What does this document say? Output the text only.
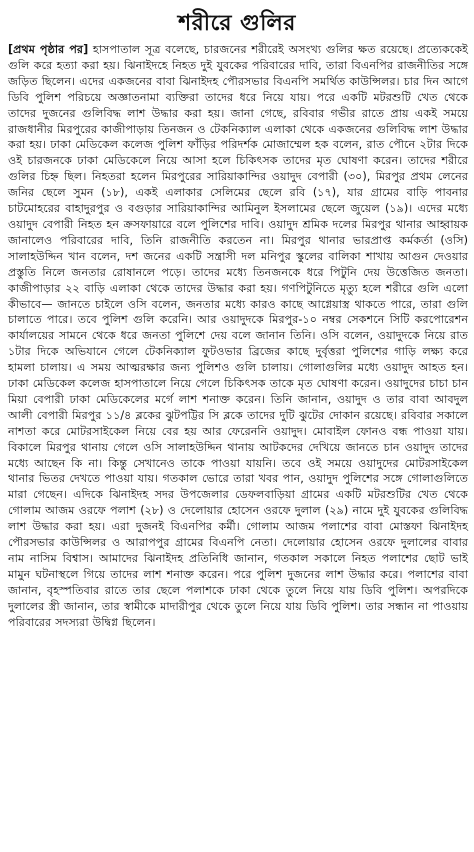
শরীরে গুলির
[প্রথম পৃষ্ঠার পর] হাসপাতাল সূত্র বলেছে, চারজনের শরীরেই অসংখ্য গুলির ক্ষত রয়েছে। প্রত্যেককেই গুলি করে হত্যা করা হয়। ঝিনাইদহে নিহত দুই যুবকের পরিবারের দাবি, তারা বিএনপির রাজনীতির সঙ্গে জড়িত ছিলেন। এদের একজনের বাবা ঝিনাইদহ পৌরসভার বিএনপি সমর্থিত কাউন্সিলর। চার দিন আগে ডিবি পুলিশ পরিচয়ে অজ্ঞাতনামা ব্যক্তিরা তাদের ধরে নিয়ে যায়। পরে একটি মটরশুটি খেত থেকে তাদের দুজনের গুলিবিদ্ধ লাশ উদ্ধার করা হয়। জানা গেছে, রবিবার গভীর রাতে প্রায় একই সময়ে রাজধানীর মিরপুরের কাজীপাড়ায় তিনজন ও টেকনিক্যাল এলাকা থেকে একজনের গুলিবিদ্ধ লাশ উদ্ধার করা হয়। ঢাকা মেডিকেল কলেজ পুলিশ ফাঁড়ির পরিদর্শক মোজাম্মেল হক বলেন, রাত পৌনে ২টার দিকে ওই চারজনকে ঢাকা মেডিকেলে নিয়ে আসা হলে চিকিৎসক তাদের মৃত ঘোষণা করেন। তাদের শরীরে গুলির চিহ্ন ছিল। নিহতরা হলেন মিরপুরের সারিয়াকান্দির ওয়াদুদ বেপারী (৩০), মিরপুর প্রথম লেনের জনির ছেলে সুমন (১৮), একই এলাকার সেলিমের ছেলে রবি (১৭), যার গ্রামের বাড়ি পাবনার চাটমোহরের বাহাদুরপুর ও বগুড়ার সারিয়াকান্দির আমিনুল ইসলামের ছেলে জুয়েল (১৯)। এদের মধ্যে ওয়াদুদ বেপারী নিহত হন ক্রসফায়ারে বলে পুলিশের দাবি। ওয়াদুদ শ্রমিক দলের মিরপুর থানার আহ্বায়ক জানালেও পরিবারের দাবি, তিনি রাজনীতি করতেন না। মিরপুর থানার ভারপ্রাপ্ত কর্মকর্তা (ওসি) সালাহউদ্দিন খান বলেন, দশ জনের একটি সন্ত্রাসী দল মনিপুর স্কুলের বালিকা শাখায় আগুন দেওয়ার প্রস্তুতি নিলে জনতার রোষানলে পড়ে। তাদের মধ্যে তিনজনকে ধরে পিটুনি দেয় উত্তেজিত জনতা। কাজীপাড়ার ২২ বাড়ি এলাকা থেকে তাদের উদ্ধার করা হয়। গণপিটুনিতে মৃত্যু হলে শরীরে গুলি এলো কীভাবে— জানতে চাইলে ওসি বলেন, জনতার মধ্যে কারও কাছে আগ্নেয়াস্ত্র থাকতে পারে, তারা গুলি চালাতে পারে। তবে পুলিশ গুলি করেনি। আর ওয়াদুদকে মিরপুর-১০ নম্বর সেকশনে সিটি করপোরেশন কার্যালয়ের সামনে থেকে ধরে জনতা পুলিশে দেয় বলে জানান তিনি। ওসি বলেন, ওয়াদুদকে নিয়ে রাত ১টার দিকে অভিযানে গেলে টেকনিক্যাল ফুটওভার ব্রিজের কাছে দুর্বৃত্তরা পুলিশের গাড়ি লক্ষ্য করে হামলা চালায়। এ সময় আত্মরক্ষার জন্য পুলিশও গুলি চালায়। গোলাগুলির মধ্যে ওয়াদুদ আহত হন। ঢাকা মেডিকেল কলেজ হাসপাতালে নিয়ে গেলে চিকিৎসক তাকে মৃত ঘোষণা করেন। ওয়াদুদের চাচা চান মিয়া বেপারী ঢাকা মেডিকেলের মর্গে লাশ শনাক্ত করেন। তিনি জানান, ওয়াদুদ ও তার বাবা আবদুল আলী বেপারী মিরপুর ১১/৪ ব্লকের ঝুটপট্টির সি ব্লকে তাদের দুটি ঝুটের দোকান রয়েছে। রবিবার সকালে নাশতা করে মোটরসাইকেল নিয়ে বের হয় আর ফেরেননি ওয়াদুদ। মোবাইল ফোনও বন্ধ পাওয়া যায়। বিকালে মিরপুর থানায় গেলে ওসি সালাহউদ্দিন থানায় আটকদের দেখিয়ে জানতে চান ওয়াদুদ তাদের মধ্যে আছেন কি না। কিন্তু সেখানেও তাকে পাওয়া যায়নি। তবে ওই সময়ে ওয়াদুদের মোটরসাইকেল থানার ভিতর দেখতে পাওয়া যায়। গতকাল ভোরে তারা খবর পান, ওয়াদুদ পুলিশের সঙ্গে গোলাগুলিতে মারা গেছেন। এদিকে ঝিনাইদহ সদর উপজেলার ডেফলবাড়িয়া গ্রামের একটি মটরশুটির খেত থেকে গোলাম আজম ওরফে পলাশ (২৮) ও দেলোয়ার হোসেন ওরফে দুলাল (২৯) নামে দুই যুবকের গুলিবিদ্ধ লাশ উদ্ধার করা হয়। এরা দুজনই বিএনপির কর্মী। গোলাম আজম পলাশের বাবা মোস্তফা ঝিনাইদহ পৌরসভার কাউন্সিলর ও আরাপপুর গ্রামের বিএনপি নেতা। দেলোয়ার হোসেন ওরফে দুলালের বাবার নাম নাসিম বিশ্বাস। আমাদের ঝিনাইদহ প্রতিনিধি জানান, গতকাল সকালে নিহত পলাশের ছোট ভাই মামুন ঘটনাস্থলে গিয়ে তাদের লাশ শনাক্ত করেন। পরে পুলিশ দুজনের লাশ উদ্ধার করে। পলাশের বাবা জানান, বৃহস্পতিবার রাতে তার ছেলে পলাশকে ঢাকা থেকে তুলে নিয়ে যায় ডিবি পুলিশ। অপরদিকে দুলালের স্ত্রী জানান, তার স্বামীকে মাদারীপুর থেকে তুলে নিয়ে যায় ডিবি পুলিশ। তার সন্ধান না পাওয়ায় পরিবারের সদস্যরা উদ্বিগ্ন ছিলেন।
